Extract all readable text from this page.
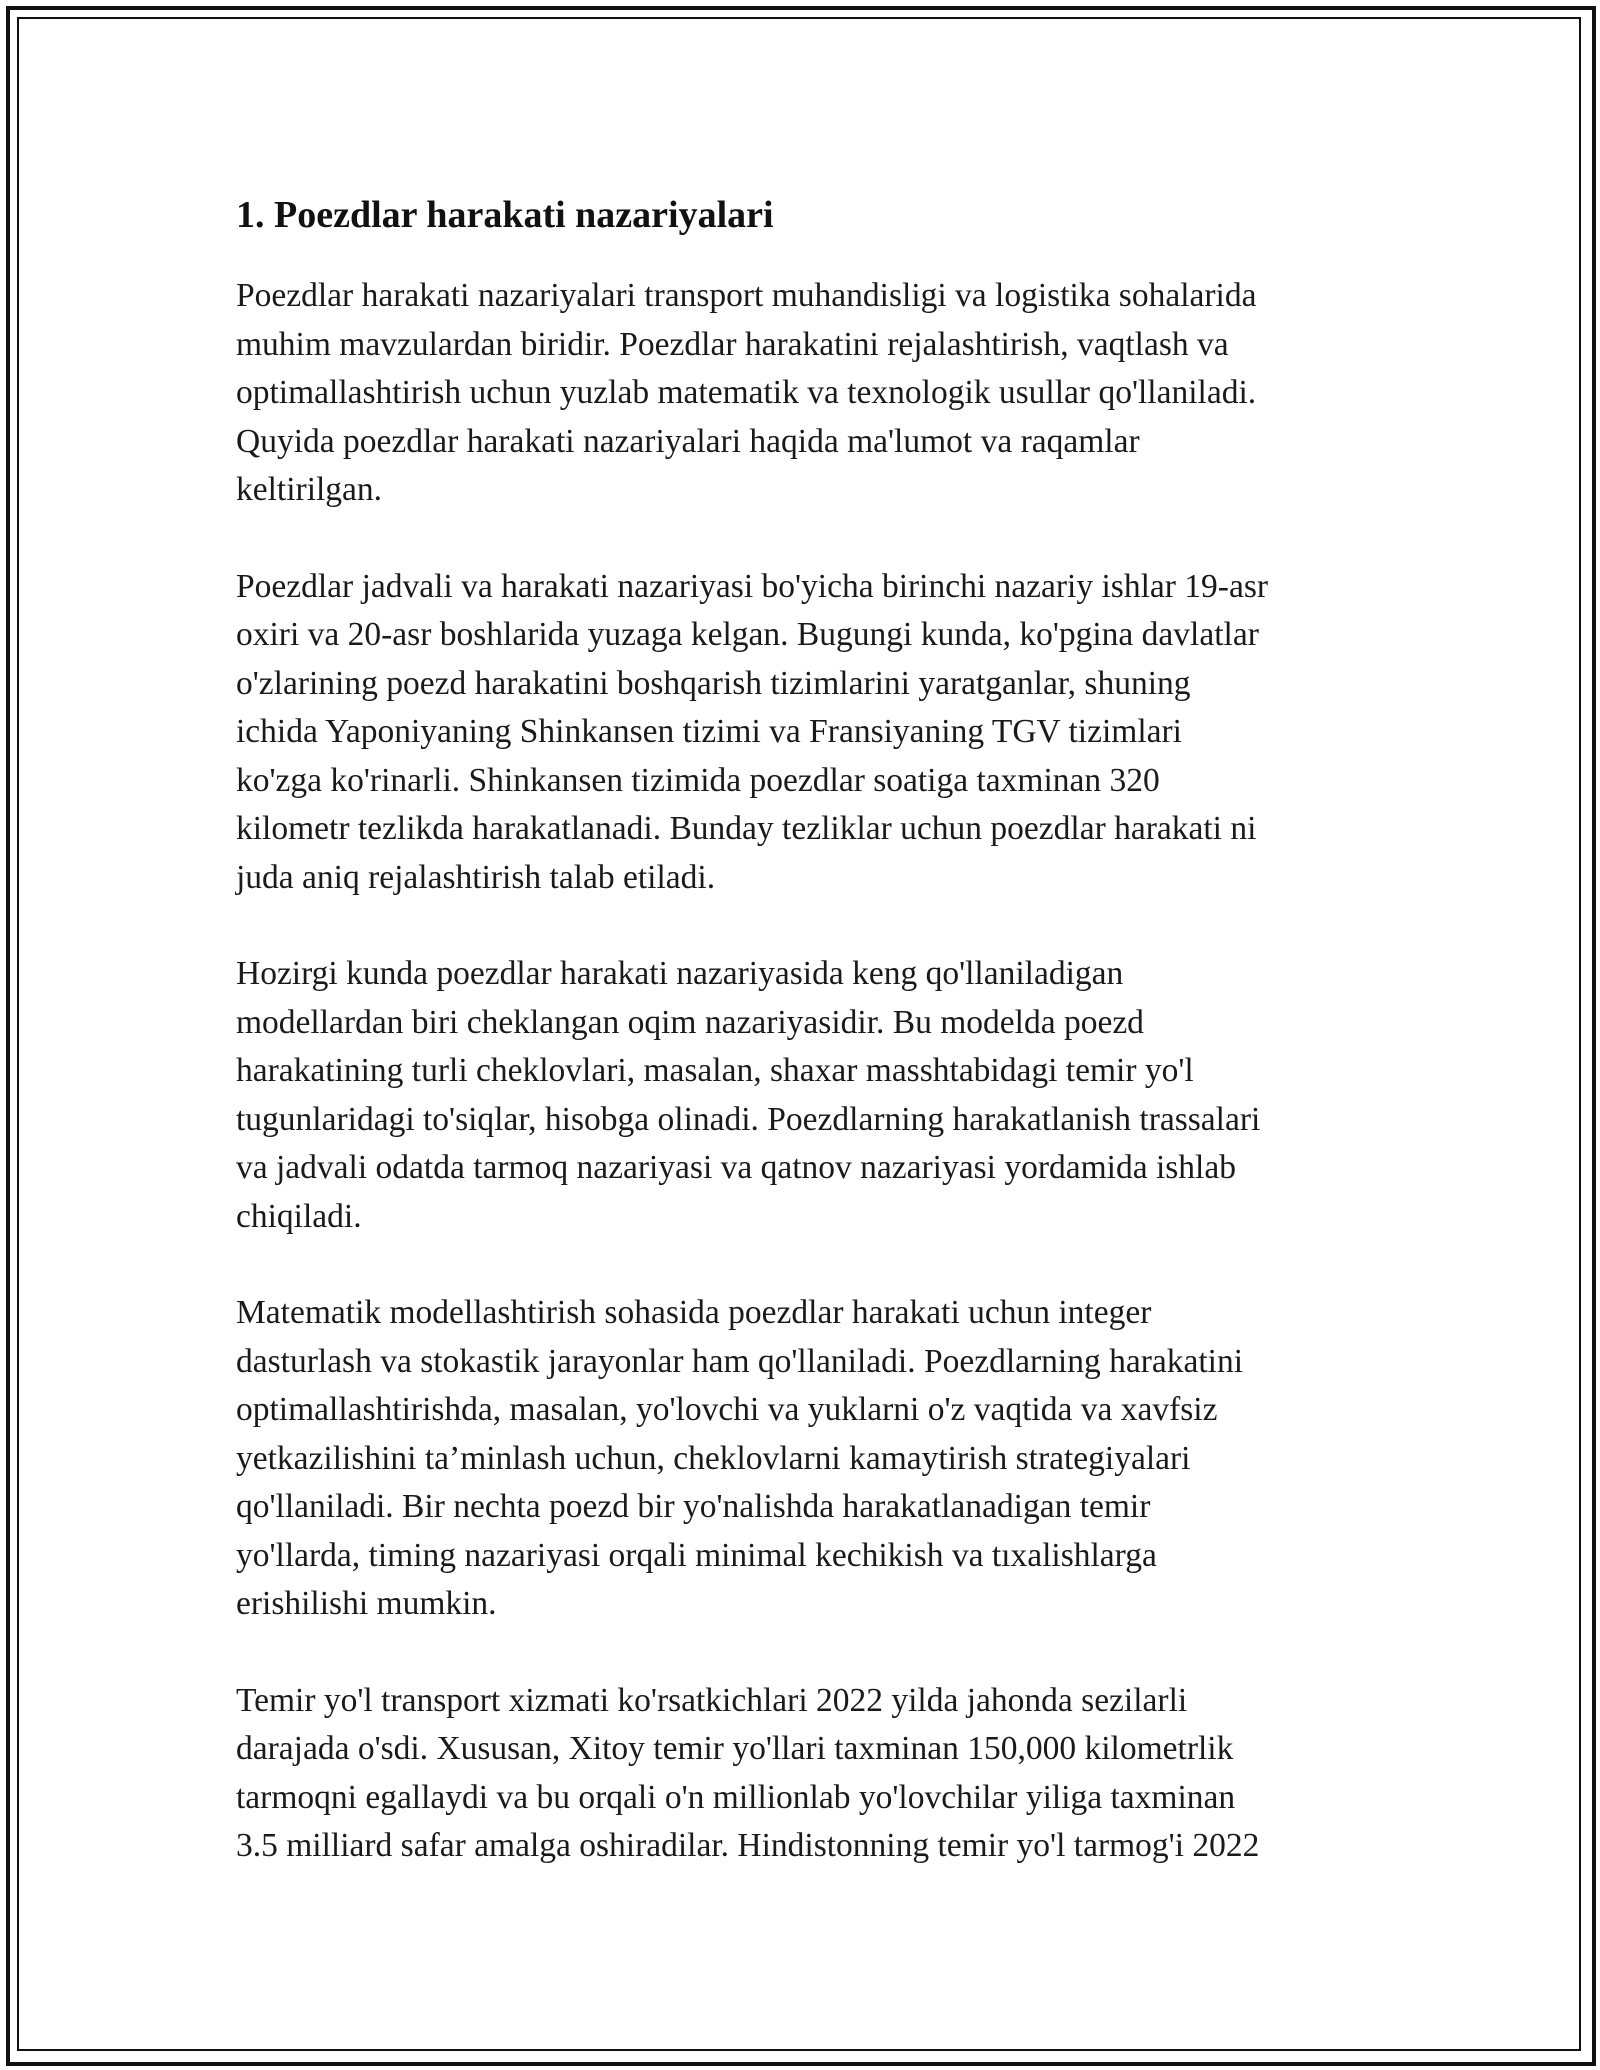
1. Poezdlar harakati nazariyalari

Poezdlar harakati nazariyalari transport muhandisligi va logistika sohalarida
muhim mavzulardan biridir. Poezdlar harakatini rejalashtirish, vaqtlash va
optimallashtirish uchun yuzlab matematik va texnologik usullar qo'llaniladi.
Quyida poezdlar harakati nazariyalari haqida ma'lumot va raqamlar
keltirilgan.

Poezdlar jadvali va harakati nazariyasi bo'yicha birinchi nazariy ishlar 19-asr
oxiri va 20-asr boshlarida yuzaga kelgan. Bugungi kunda, ko'pgina davlatlar
o'zlarining poezd harakatini boshqarish tizimlarini yaratganlar, shuning
ichida Yaponiyaning Shinkansen tizimi va Fransiyaning TGV tizimlari
ko'zga ko'rinarli. Shinkansen tizimida poezdlar soatiga taxminan 320
kilometr tezlikda harakatlanadi. Bunday tezliklar uchun poezdlar harakati ni
juda aniq rejalashtirish talab etiladi.

Hozirgi kunda poezdlar harakati nazariyasida keng qo'llaniladigan
modellardan biri cheklangan oqim nazariyasidir. Bu modelda poezd
harakatining turli cheklovlari, masalan, shaxar masshtabidagi temir yo'l
tugunlaridagi to'siqlar, hisobga olinadi. Poezdlarning harakatlanish trassalari
va jadvali odatda tarmoq nazariyasi va qatnov nazariyasi yordamida ishlab
chiqiladi.

Matematik modellashtirish sohasida poezdlar harakati uchun integer
dasturlash va stokastik jarayonlar ham qo'llaniladi. Poezdlarning harakatini
optimallashtirishda, masalan, yo'lovchi va yuklarni o'z vaqtida va xavfsiz
yetkazilishini ta’minlash uchun, cheklovlarni kamaytirish strategiyalari
qo'llaniladi. Bir nechta poezd bir yo'nalishda harakatlanadigan temir
yo'llarda, timing nazariyasi orqali minimal kechikish va tıxalishlarga
erishilishi mumkin.

Temir yo'l transport xizmati ko'rsatkichlari 2022 yilda jahonda sezilarli
darajada o'sdi. Xususan, Xitoy temir yo'llari taxminan 150,000 kilometrlik
tarmoqni egallaydi va bu orqali o'n millionlab yo'lovchilar yiliga taxminan
3.5 milliard safar amalga oshiradilar. Hindistonning temir yo'l tarmog'i 2022
